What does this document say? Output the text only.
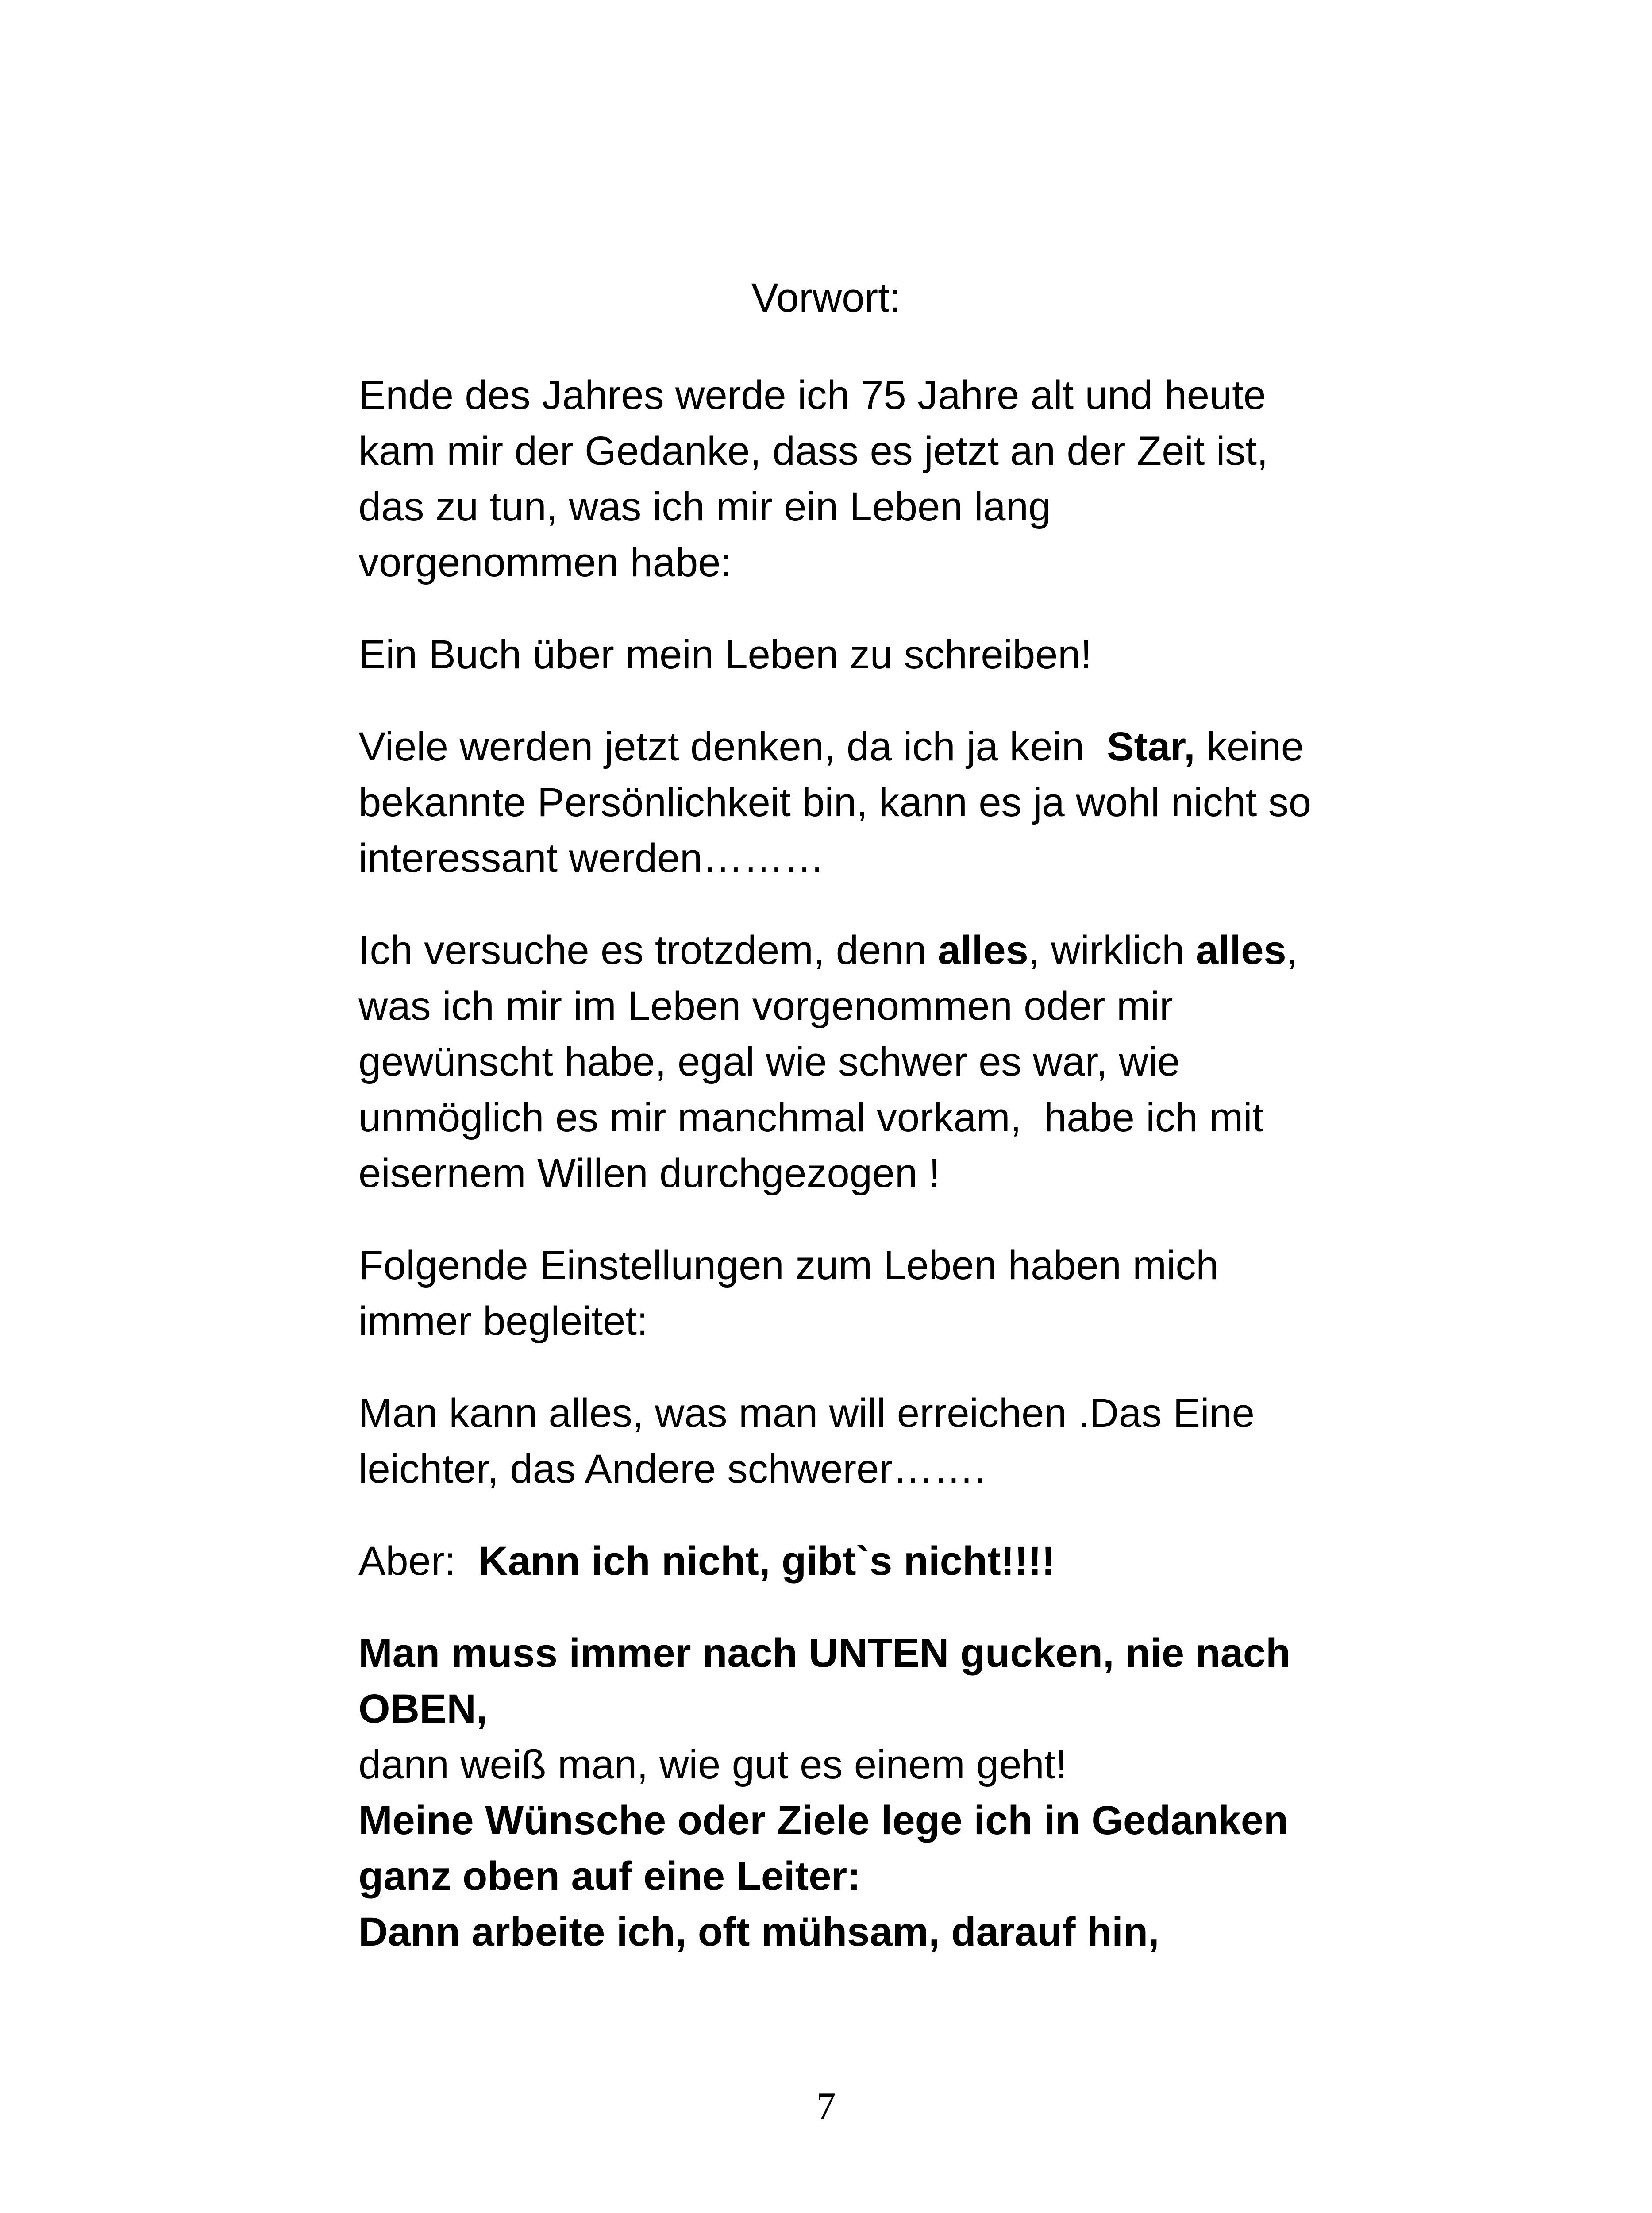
Vorwort:

Ende des Jahres werde ich 75 Jahre alt und heute
kam mir der Gedanke, dass es jetzt an der Zeit ist,
das zu tun, was ich mir ein Leben lang
vorgenommen habe:

Ein Buch über mein Leben zu schreiben!

Viele werden jetzt denken, da ich ja kein  Star, keine
bekannte Persönlichkeit bin, kann es ja wohl nicht so
interessant werden………

Ich versuche es trotzdem, denn alles, wirklich alles,
was ich mir im Leben vorgenommen oder mir
gewünscht habe, egal wie schwer es war, wie
unmöglich es mir manchmal vorkam,  habe ich mit
eisernem Willen durchgezogen !

Folgende Einstellungen zum Leben haben mich
immer begleitet:

Man kann alles, was man will erreichen .Das Eine
leichter, das Andere schwerer…….

Aber:  Kann ich nicht, gibt`s nicht!!!!

Man muss immer nach UNTEN gucken, nie nach
OBEN,
dann weiß man, wie gut es einem geht!
Meine Wünsche oder Ziele lege ich in Gedanken
ganz oben auf eine Leiter:
Dann arbeite ich, oft mühsam, darauf hin,

7
